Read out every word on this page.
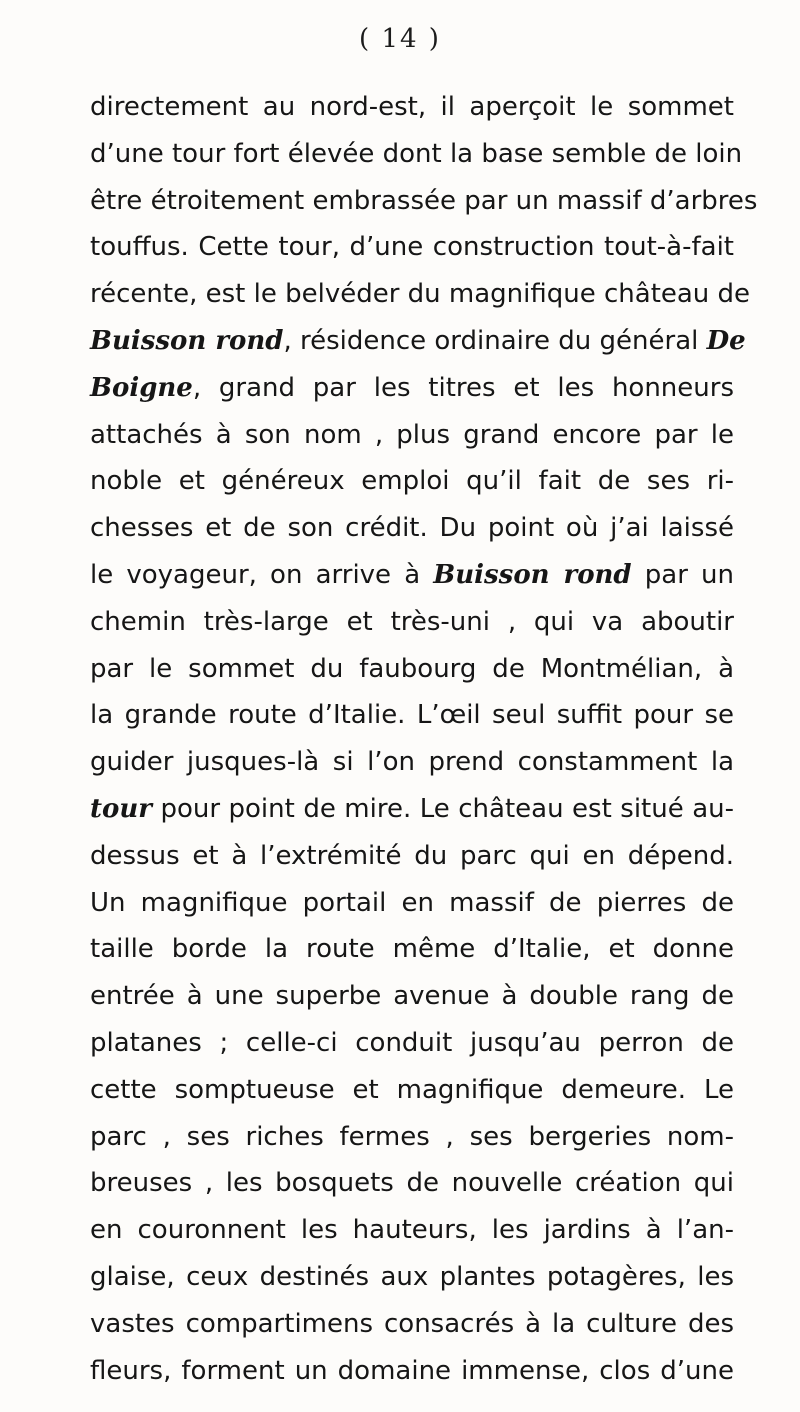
( 14 )
directement au nord-est, il aperçoit le sommet
d’une tour fort élevée dont la base semble de loin
être étroitement embrassée par un massif d’arbres
touffus. Cette tour, d’une construction tout-à-fait
récente, est le belvéder du magnifique château de
Buisson rond, résidence ordinaire du général De
Boigne, grand par les titres et les honneurs
attachés à son nom , plus grand encore par le
noble et généreux emploi qu’il fait de ses ri-
chesses et de son crédit. Du point où j’ai laissé
le voyageur, on arrive à Buisson rond par un
chemin très-large et très-uni , qui va aboutir
par le sommet du faubourg de Montmélian, à
la grande route d’Italie. L’œil seul suffit pour se
guider jusques-là si l’on prend constamment la
tour pour point de mire. Le château est situé au-
dessus et à l’extrémité du parc qui en dépend.
Un magnifique portail en massif de pierres de
taille borde la route même d’Italie, et donne
entrée à une superbe avenue à double rang de
platanes ; celle-ci conduit jusqu’au perron de
cette somptueuse et magnifique demeure. Le
parc , ses riches fermes , ses bergeries nom-
breuses , les bosquets de nouvelle création qui
en couronnent les hauteurs, les jardins à l’an-
glaise, ceux destinés aux plantes potagères, les
vastes compartimens consacrés à la culture des
fleurs, forment un domaine immense, clos d’une
